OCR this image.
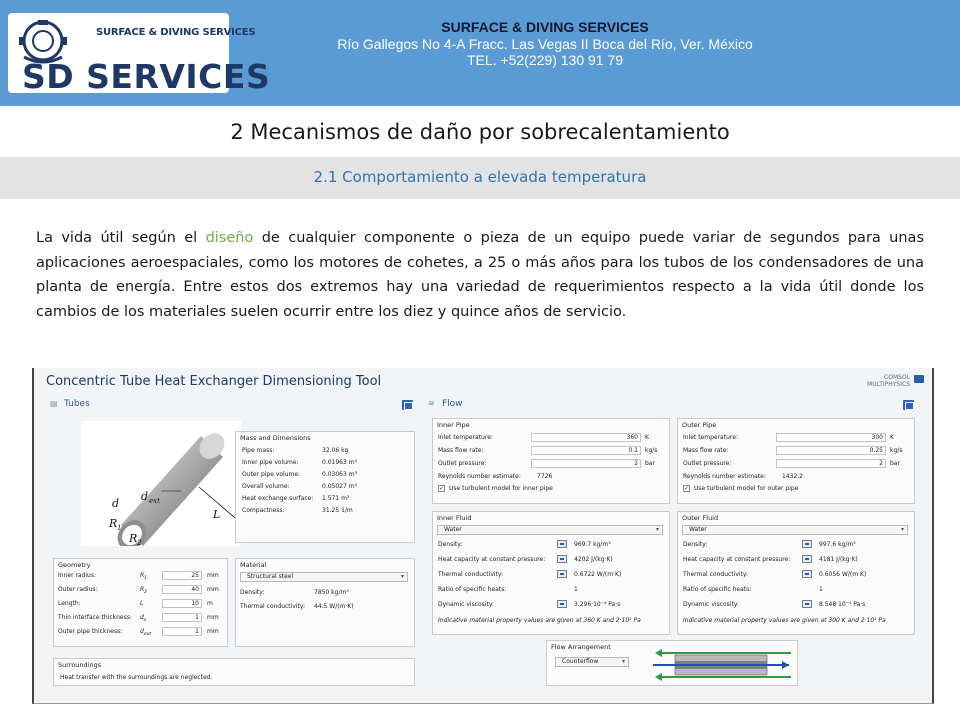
SURFACE & DIVING SERVICES
SD SERVICES
SURFACE & DIVING SERVICES
Río Gallegos No 4-A Fracc. Las Vegas II Boca del Río, Ver. México
TEL. +52(229) 130 91 79
2 Mecanismos de daño por sobrecalentamiento
2.1 Comportamiento a elevada temperatura
La vida útil según el diseño de cualquier componente o pieza de un equipo puede variar de segundos para unas aplicaciones aeroespaciales, como los motores de cohetes, a 25 o más años para los tubos de los condensadores de una planta de energía. Entre estos dos extremos hay una variedad de requerimientos respecto a la vida útil donde los cambios de los materiales suelen ocurrir entre los diez y quince años de servicio.
Concentric Tube Heat Exchanger Dimensioning Tool	COMSOL
MULTIPHYSICS
▤ Tubes	≋ Flow
d
d ext
R 1
R 2
L
Mass and Dimensions
Pipe mass:	32.06 kg
Inner pipe volume:	0.01963 m³
Outer pipe volume:	0.03063 m³
Overall volume:	0.05027 m³
Heat exchange surface: 1.571 m²
Compactness:	31.25 1/m
Geometry
Inner radius:	$R_1$	25	mm
Outer radius:	$R_2$	40	mm
Length:	L	10	m
Thin interface thickness: $d_s$	1	mm
Outer pipe thickness:	$d_{ext}$	1	mm
Material
Structural steel	▾
Density:	7850 kg/m³
Thermal conductivity: 44.5 W/(m·K)
Surroundings
Heat transfer with the surroundings are neglected.
Inner Pipe
Inlet temperature:	360	K
Mass flow rate:	0.1	kg/s
Outlet pressure:	2	bar
Reynolds number estimate:	7726
✓ Use turbulent model for inner pipe
Outer Pipe
Inlet temperature:	300	K
Mass flow rate:	0.25	kg/s
Outlet pressure:	2	bar
Reynolds number estimate:	1432.2
✓ Use turbulent model for outer pipe
Inner Fluid
Water	▾
Density:	969.7 kg/m³
Heat capacity at constant pressure:	4202 J/(kg·K)
Thermal conductivity:	0.6722 W/(m·K)
Ratio of specific heats:	1
Dynamic viscosity:	3.296·10⁻⁴ Pa·s
Indicative material property values are given at 360 K and 2·10⁵ Pa
Outer Fluid
Water	▾
Density:	997.6 kg/m³
Heat capacity at constant pressure:	4181 J/(kg·K)
Thermal conductivity:	0.6056 W/(m·K)
Ratio of specific heats:	1
Dynamic viscosity:	8.548·10⁻⁴ Pa·s
Indicative material property values are given at 300 K and 2·10⁵ Pa
Flow Arrangement
Counterflow	▾
